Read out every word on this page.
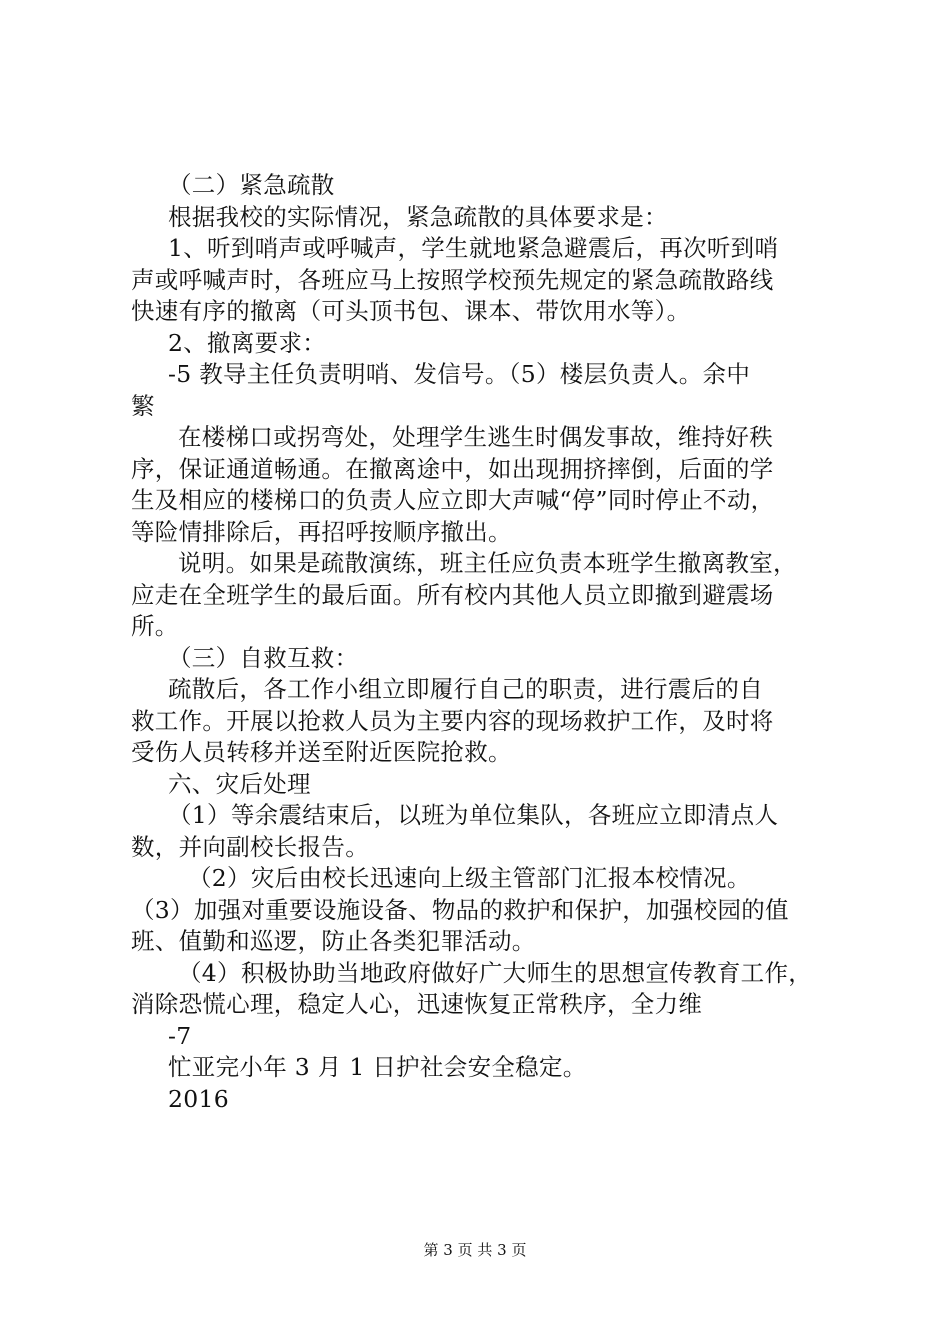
（二）紧急疏散
根据我校的实际情况，紧急疏散的具体要求是：
1、听到哨声或呼喊声，学生就地紧急避震后，再次听到哨
声或呼喊声时，各班应马上按照学校预先规定的紧急疏散路线
快速有序的撤离（可头顶书包、课本、带饮用水等）。
2、撤离要求：
-5 教导主任负责明哨、发信号。（5）楼层负责人。余中
繁
在楼梯口或拐弯处，处理学生逃生时偶发事故，维持好秩
序，保证通道畅通。在撤离途中，如出现拥挤摔倒，后面的学
生及相应的楼梯口的负责人应立即大声喊“停”同时停止不动，
等险情排除后，再招呼按顺序撤出。
说明。如果是疏散演练，班主任应负责本班学生撤离教室，
应走在全班学生的最后面。所有校内其他人员立即撤到避震场
所。
（三）自救互救：
疏散后，各工作小组立即履行自己的职责，进行震后的自
救工作。开展以抢救人员为主要内容的现场救护工作，及时将
受伤人员转移并送至附近医院抢救。
六、灾后处理
（1）等余震结束后，以班为单位集队，各班应立即清点人
数，并向副校长报告。
（2）灾后由校长迅速向上级主管部门汇报本校情况。
（3）加强对重要设施设备、物品的救护和保护，加强校园的值
班、值勤和巡逻，防止各类犯罪活动。
（4）积极协助当地政府做好广大师生的思想宣传教育工作，
消除恐慌心理，稳定人心，迅速恢复正常秩序，全力维
-7
忙亚完小年 3 月 1 日护社会安全稳定。
2016
第 3 页 共 3 页
